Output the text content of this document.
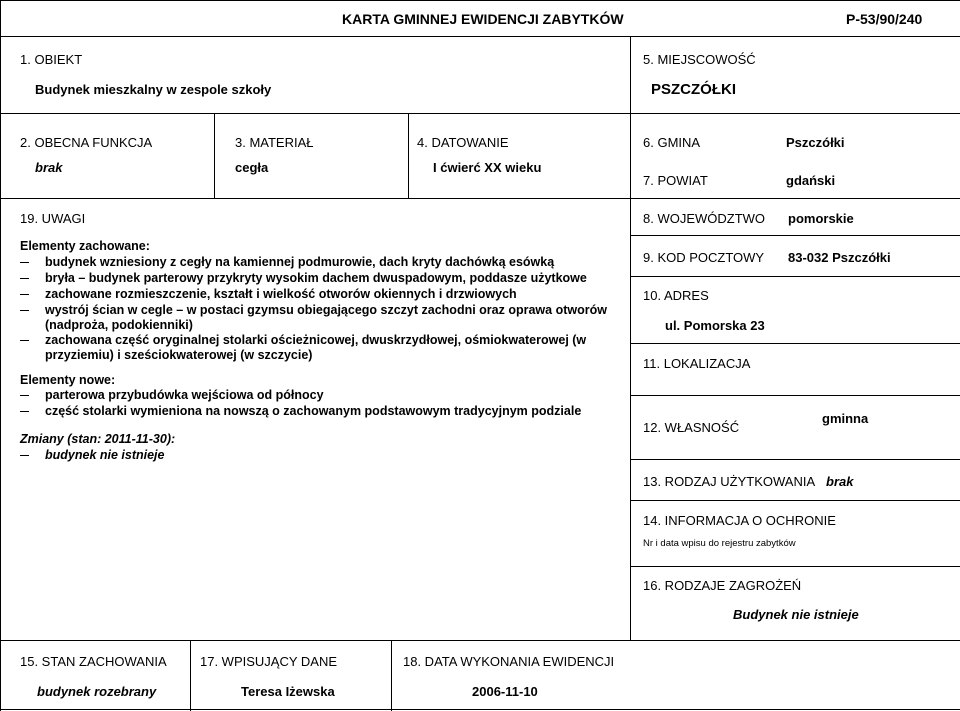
KARTA GMINNEJ EWIDENCJI ZABYTKÓW	P-53/90/240
1. OBIEKT
Budynek mieszkalny w zespole szkoły
5. MIEJSCOWOŚĆ
PSZCZÓŁKI
2. OBECNA FUNKCJA
brak
3. MATERIAŁ
cegła
4. DATOWANIE
I ćwierć XX wieku
6. GMINA	Pszczółki
7. POWIAT	gdański
19. UWAGI
Elementy zachowane:
budynek wzniesiony z cegły na kamiennej podmurowie, dach kryty dachówką esówką
bryła – budynek parterowy przykryty wysokim dachem dwuspadowym, poddasze użytkowe
zachowane rozmieszczenie, kształt i wielkość otworów okiennych i drzwiowych
wystrój ścian w cegle – w postaci gzymsu obiegającego szczyt zachodni oraz oprawa otworów
(nadproża, podokienniki)
zachowana część oryginalnej stolarki ościeżnicowej, dwuskrzydłowej, ośmiokwaterowej (w
przyziemiu) i sześciokwaterowej (w szczycie)
Elementy nowe:
parterowa przybudówka wejściowa od północy
część stolarki wymieniona na nowszą o zachowanym podstawowym tradycyjnym podziale
Zmiany (stan: 2011-11-30):
budynek nie istnieje
8. WOJEWÓDZTWO pomorskie
9. KOD POCZTOWY 83-032 Pszczółki
10. ADRES
ul. Pomorska 23
11. LOKALIZACJA
12. WŁASNOŚĆ
gminna
13. RODZAJ UŻYTKOWANIA brak
14. INFORMACJA O OCHRONIE
Nr i data wpisu do rejestru zabytków
16. RODZAJE ZAGROŻEŃ
Budynek nie istnieje
15. STAN ZACHOWANIA
budynek rozebrany
17. WPISUJĄCY DANE
Teresa Iżewska
18. DATA WYKONANIA EWIDENCJI
2006-11-10
